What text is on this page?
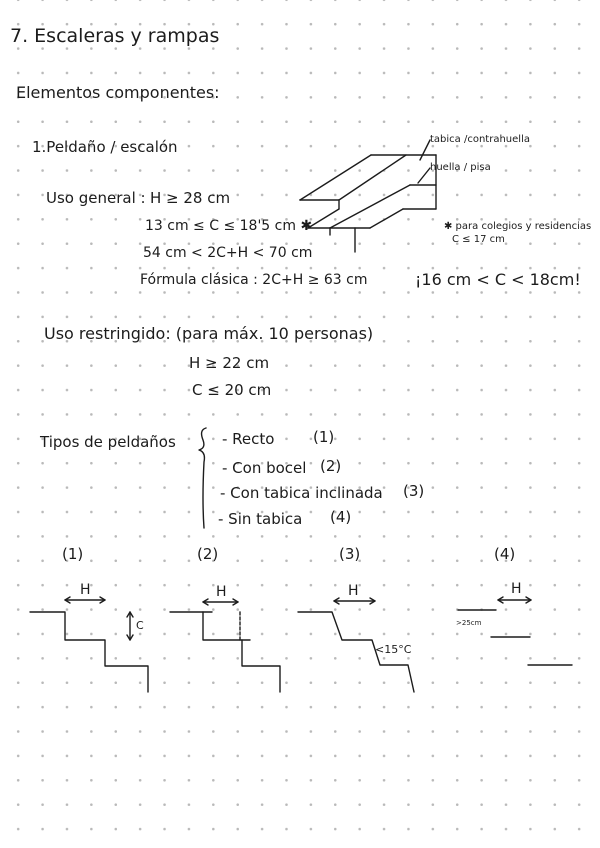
7. Escaleras y rampas
Elementos componentes:
1.Peldaño / escalón	tabica /contrahuella
huella / pisa
Uso general : H ≥ 28 cm
13 cm ≤ C ≤ 18'5 cm ✱
54 cm < 2C+H < 70 cm
Fórmula clásica : 2C+H ≥ 63 cm
✱ para colegios y residencias
C ≤ 17 cm
¡16 cm < C < 18cm!
Uso restringido: (para máx. 10 personas)
H ≥ 22 cm
C ≤ 20 cm
Tipos de peldaños	- Recto	(1)
- Con bocel (2)
- Con tabica inclinada (3)
- Sin tabica (4)
(1)	(2)	(3)	(4)
H
C
H	H
<15°C
H
>25cm
